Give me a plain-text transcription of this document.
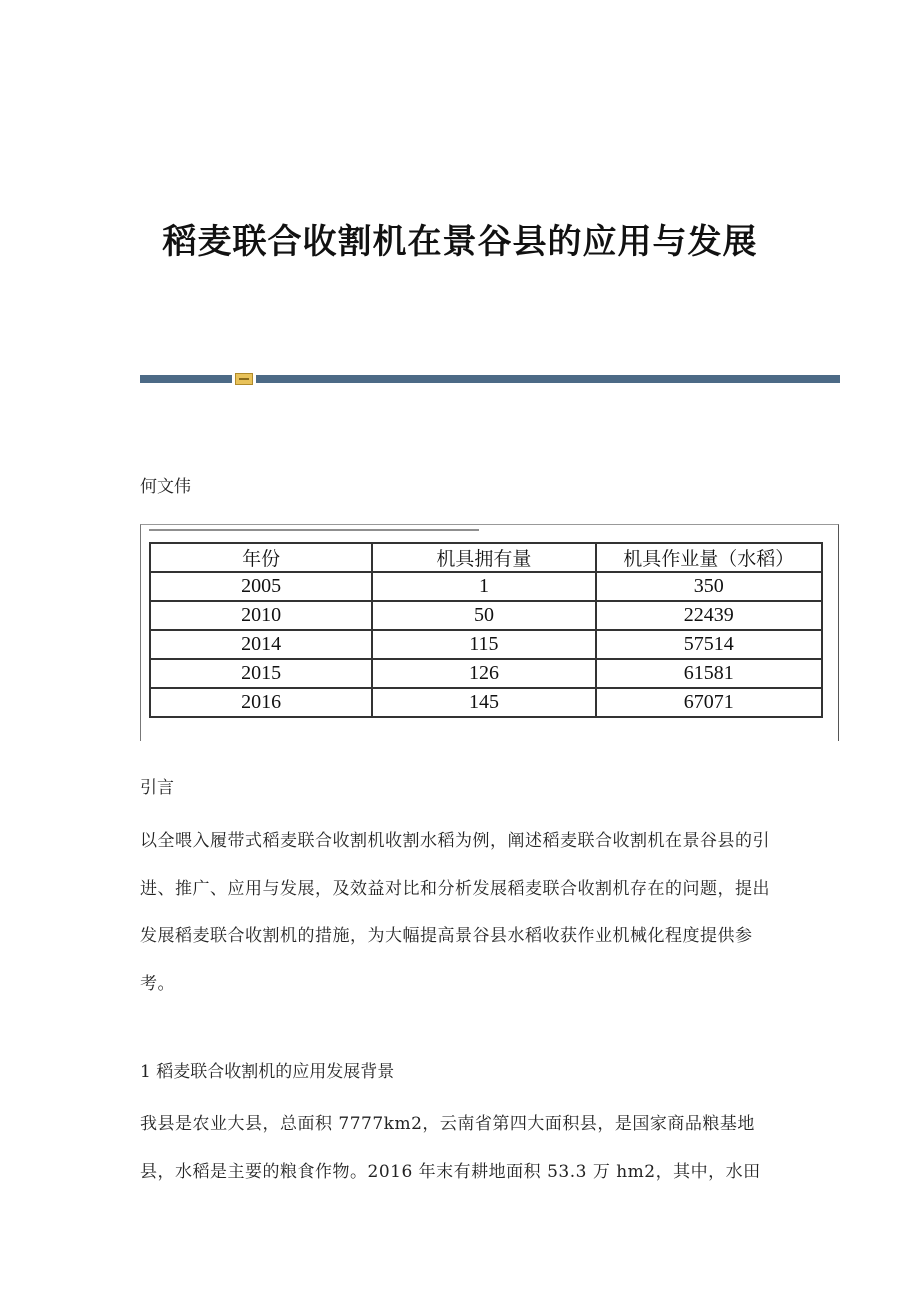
稻麦联合收割机在景谷县的应用与发展
何文伟
年份	机具拥有量	机具作业量（水稻）
2005	1	350
2010	50	22439
2014	115	57514
2015	126	61581
2016	145	67071
引言
以全喂入履带式稻麦联合收割机收割水稻为例，阐述稻麦联合收割机在景谷县的引进、推广、应用与发展，及效益对比和分析发展稻麦联合收割机存在的问题，提出发展稻麦联合收割机的措施，为大幅提高景谷县水稻收获作业机械化程度提供参考。
1 稻麦联合收割机的应用发展背景
我县是农业大县，总面积 7777km2，云南省第四大面积县，是国家商品粮基地县，水稻是主要的粮食作物。2016 年末有耕地面积 53.3 万 hm2，其中，水田
